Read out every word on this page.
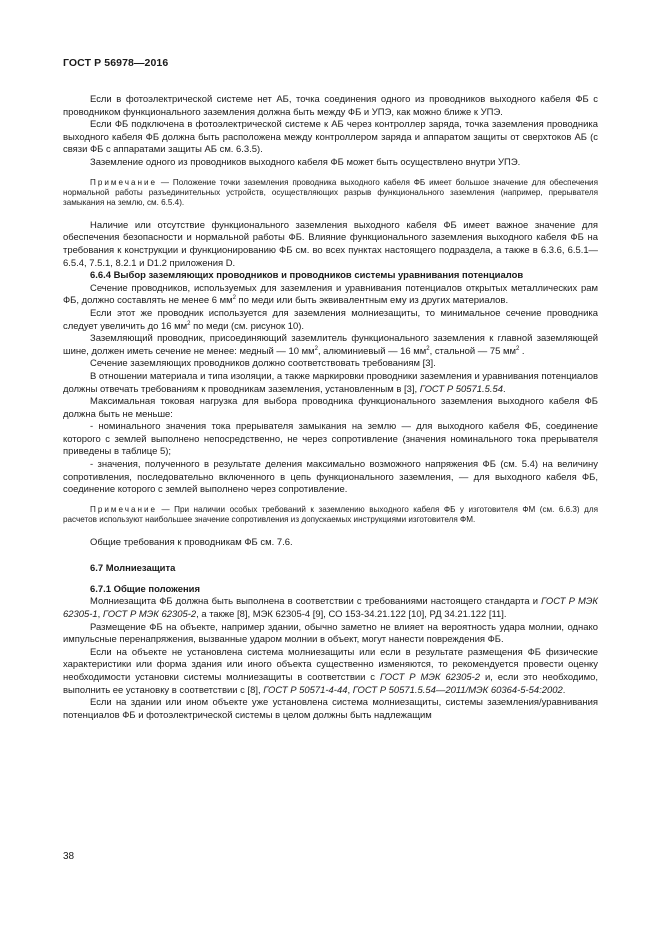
ГОСТ Р 56978—2016

Если в фотоэлектрической системе нет АБ, точка соединения одного из проводников выходного кабеля ФБ с проводником функционального заземления должна быть между ФБ и УПЭ, как можно ближе к УПЭ.

Если ФБ подключена в фотоэлектрической системе к АБ через контроллер заряда, точка заземления проводника выходного кабеля ФБ должна быть расположена между контроллером заряда и аппаратом защиты от сверхтоков АБ (с связи ФБ с аппаратами защиты АБ см. 6.3.5).

Заземление одного из проводников выходного кабеля ФБ может быть осуществлено внутри УПЭ.

Примечание — Положение точки заземления проводника выходного кабеля ФБ имеет большое значение для обеспечения нормальной работы разъединительных устройств, осуществляющих разрыв функционального заземления (например, прерывателя замыкания на землю, см. 6.5.4).

Наличие или отсутствие функционального заземления выходного кабеля ФБ имеет важное значение для обеспечения безопасности и нормальной работы ФБ. Влияние функционального заземления выходного кабеля ФБ на требования к конструкции и функционированию ФБ см. во всех пунктах настоящего подраздела, а также в 6.3.6, 6.5.1—6.5.4, 7.5.1, 8.2.1 и D1.2 приложения D.

6.6.4 Выбор заземляющих проводников и проводников системы уравнивания потенциалов

Сечение проводников, используемых для заземления и уравнивания потенциалов открытых металлических рам ФБ, должно составлять не менее 6 $мм^2$ по меди или быть эквивалентным ему из других материалов.

Если этот же проводник используется для заземления молниезащиты, то минимальное сечение проводника следует увеличить до 16 $мм^2$ по меди (см. рисунок 10).

Заземляющий проводник, присоединяющий заземлитель функционального заземления к главной заземляющей шине, должен иметь сечение не менее: медный — 10 $мм^2$, алюминиевый — 16 $мм^2$, стальной — 75 $мм^2$ .

Сечение заземляющих проводников должно соответствовать требованиям [3].

В отношении материала и типа изоляции, а также маркировки проводники заземления и уравнивания потенциалов должны отвечать требованиям к проводникам заземления, установленным в [3], ГОСТ Р 50571.5.54.

Максимальная токовая нагрузка для выбора проводника функционального заземления выходного кабеля ФБ должна быть не меньше:

- номинального значения тока прерывателя замыкания на землю — для выходного кабеля ФБ, соединение которого с землей выполнено непосредственно, не через сопротивление (значения номинального тока прерывателя приведены в таблице 5);

- значения, полученного в результате деления максимально возможного напряжения ФБ (см. 5.4) на величину сопротивления, последовательно включенного в цепь функционального заземления, — для выходного кабеля ФБ, соединение которого с землей выполнено через сопротивление.

Примечание — При наличии особых требований к заземлению выходного кабеля ФБ у изготовителя ФМ (см. 6.6.3) для расчетов используют наибольшее значение сопротивления из допускаемых инструкциями изготовителя ФМ.

Общие требования к проводникам ФБ см. 7.6.

6.7 Молниезащита

6.7.1 Общие положения

Молниезащита ФБ должна быть выполнена в соответствии с требованиями настоящего стандарта и ГОСТ Р МЭК 62305-1, ГОСТ Р МЭК 62305-2, а также [8], МЭК 62305-4 [9], СО 153-34.21.122 [10], РД 34.21.122 [11].

Размещение ФБ на объекте, например здании, обычно заметно не влияет на вероятность удара молнии, однако импульсные перенапряжения, вызванные ударом молнии в объект, могут нанести повреждения ФБ.

Если на объекте не установлена система молниезащиты или если в результате размещения ФБ физические характеристики или форма здания или иного объекта существенно изменяются, то рекомендуется провести оценку необходимости установки системы молниезащиты в соответствии с ГОСТ Р МЭК 62305-2 и, если это необходимо, выполнить ее установку в соответствии с [8], ГОСТ Р 50571-4-44, ГОСТ Р 50571.5.54—2011/МЭК 60364-5-54:2002.

Если на здании или ином объекте уже установлена система молниезащиты, системы заземления/уравнивания потенциалов ФБ и фотоэлектрической системы в целом должны быть надлежащим

38
